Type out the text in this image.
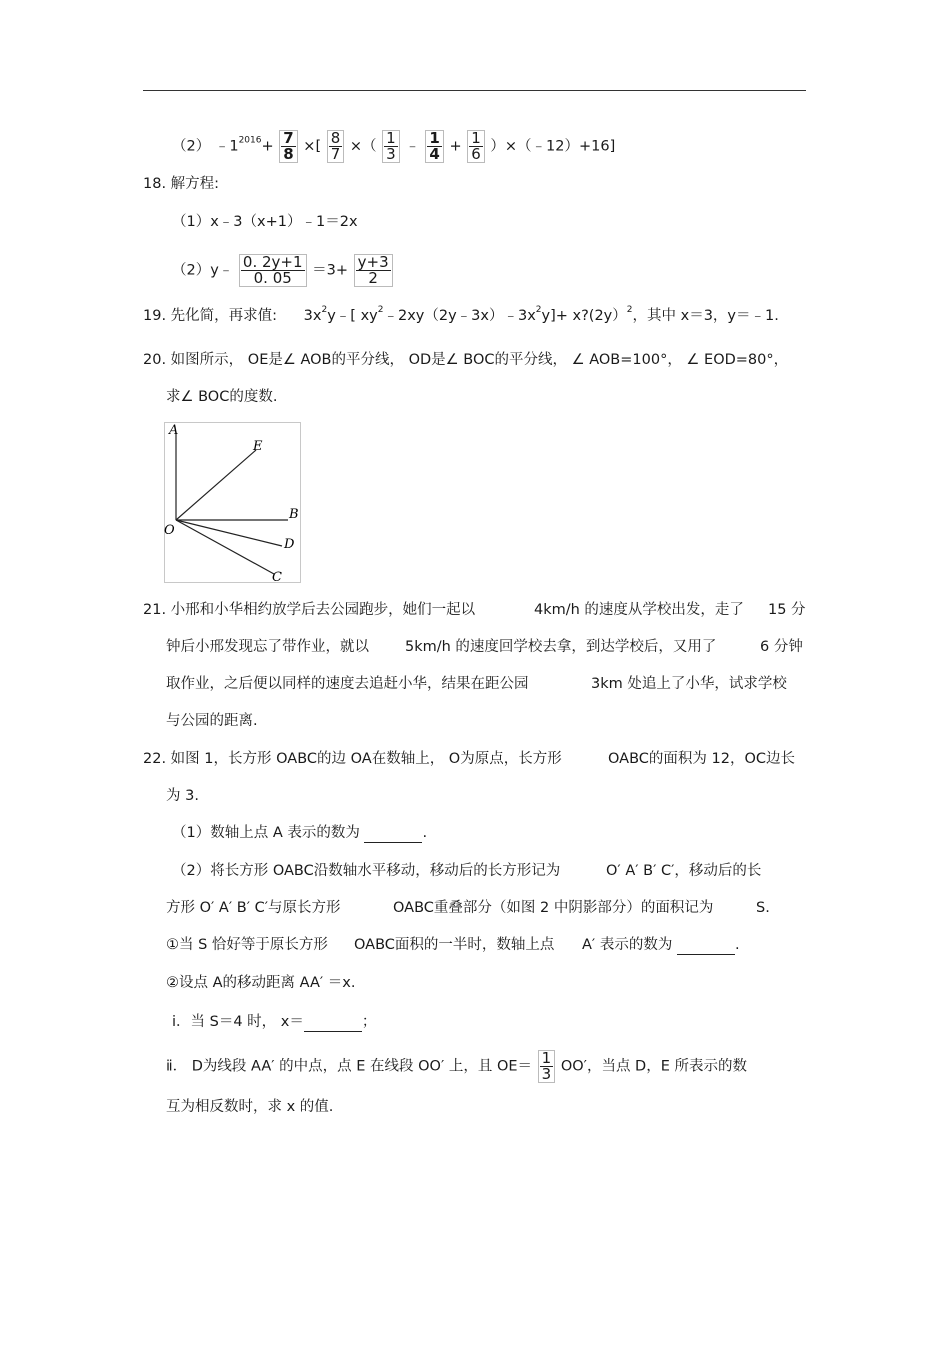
（2） $﹣1^{2016}+ \frac{7}{8}$ ×[ $\frac{8}{7}$ ×（ $\frac{1}{3}$ ﹣ $\frac{1}{4} + \frac{1}{6}$ ）×（﹣12）+16]
18. 解方程:
（1）x﹣3（x+1）﹣1＝2x
（2）y﹣ $\frac{0. 2y+1}{0. 05} =3+ \frac{y+3}{2}$
19. 先化简，再求值: $3x^2y﹣$[ $xy^2﹣2xy(2y﹣3x)﹣3x^2y]+$ x?(2y）$^2$，其中 x＝3，y＝﹣1.
20. 如图所示， OE是∠ AOB的平分线， OD是∠ BOC的平分线， ∠ AOB=100°， ∠ EOD=80°，
求∠ BOC的度数.
A
E
B
O
D
C
21. 小邢和小华相约放学后去公园跑步，她们一起以	4km/h 的速度从学校出发，走了 15 分
钟后小邢发现忘了带作业，就以 5km/h 的速度回学校去拿，到达学校后，又用了	6 分钟
取作业，之后便以同样的速度去追赶小华，结果在距公园	3km 处追上了小华，试求学校
与公园的距离.
22. 如图 1，长方形 OABC的边 OA在数轴上， O为原点，长方形	OABC的面积为 12，OC边长
为 3.
（1）数轴上点 A 表示的数为	.
（2）将长方形 OABC沿数轴水平移动，移动后的长方形记为	O′ A′ B′ C′，移动后的长
方形 O′ A′ B′ C′与原长方形	OABC重叠部分（如图 2 中阴影部分）的面积记为	S.
①当 S 恰好等于原长方形 OABC面积的一半时，数轴上点 A′ 表示的数为	.
②设点 A的移动距离 AA′ ＝x.
ⅰ．当 S＝4 时， x＝	；
ⅱ． D为线段 AA′ 的中点，点 E 在线段 OO′ 上，且 $OE= \frac{1}{3} OO'$，当点 D，E 所表示的数
互为相反数时，求 x 的值.
